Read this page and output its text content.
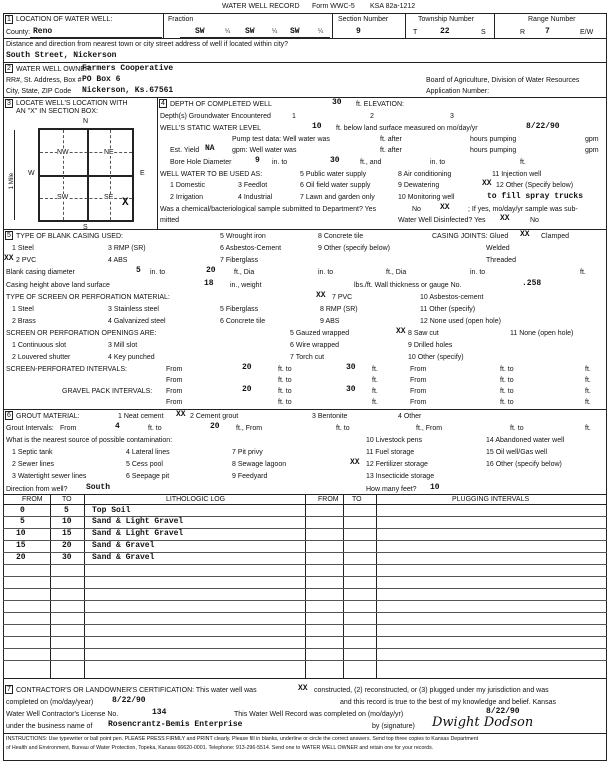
WATER WELL RECORD Form WWC-5 KSA 82a-1212
1 LOCATION OF WATER WELL:
County: Reno
Fraction
SW	¼ SW	¼ SW	¼
Section Number
9
Township Number
T	22	S
Range Number
R 7	E/W
Distance and direction from nearest town or city street address of well if located within city?
South Street, Nickerson
2 WATER WELL OWNER:
Farmers Cooperative
RR#, St. Address, Box # PO Box 6	Board of Agriculture, Division of Water Resources
City, State, ZIP Code Nickerson, Ks.67561	Application Number:
3 LOCATE WELL'S LOCATION WITH
AN "X" IN SECTION BOX:
N
S
W	E
1 Mile
NW	NE
SW	SE X
4 DEPTH OF COMPLETED WELL	30 ft. ELEVATION:
Depth(s) Groundwater Encountered	1	2	3
WELL'S STATIC WATER LEVEL	10 ft. below land surface measured on mo/day/yr	8/22/90
Pump test data: Well water was	ft. after	hours pumping	gpm
Est. Yield NA gpm: Well water was	ft. after	hours pumping	gpm
Bore Hole Diameter	9 in. to	30	ft., and	in. to	ft.
WELL WATER TO BE USED AS:
1 Domestic	3 Feedlot
5 Public water supply	8 Air conditioning	11 Injection well
2 Irrigation	4 Industrial
6 Oil field water supply	9 Dewatering	XX 12 Other (Specify below)
7 Lawn and garden only	10 Monitoring well	to fill spray trucks
Was a chemical/bacteriological sample submitted to Department? Yes	No XX	; If yes, mo/day/yr sample was sub-
mitted	Water Well Disinfected? Yes XX	No
5 TYPE OF BLANK CASING USED:
1 Steel	3 RMP (SR)
5 Wrought iron	8 Concrete tile
XX 2 PVC	4 ABS
6 Asbestos-Cement	9 Other (specify below)
7 Fiberglass
CASING JOINTS: Glued XX Clamped
Welded
Threaded
Blank casing diameter	5 in. to	20	ft., Dia	in. to	ft., Dia	in. to	ft.
Casing height above land surface	18 in., weight	lbs./ft. Wall thickness or gauge No.	.258
TYPE OF SCREEN OR PERFORATION MATERIAL:
1 Steel	3 Stainless steel	5 Fiberglass
XX 7 PVC	10 Asbestos-cement
2 Brass	4 Galvanized steel	6 Concrete tile
8 RMP (SR)
9 ABS
11 Other (specify)
12 None used (open hole)
SCREEN OR PERFORATION OPENINGS ARE:
1 Continuous slot	3 Mill slot
5 Gauzed wrapped	XX 8 Saw cut	11 None (open hole)
2 Louvered shutter	4 Key punched
6 Wire wrapped	9 Drilled holes
7 Torch cut	10 Other (specify)
SCREEN-PERFORATED INTERVALS:	From	20	ft. to	30 ft.	From	ft. to	ft.
From	ft. to	ft.	From	ft. to	ft.
GRAVEL PACK INTERVALS: From	20	ft. to	30 ft.	From	ft. to	ft.
From	ft. to	ft.	From	ft. to	ft.
6 GROUT MATERIAL:	1 Neat cement XX 2 Cement grout	3 Bentonite	4 Other
Grout Intervals: From	4	ft. to	20 ft., From	ft. to	ft., From	ft. to	ft.
What is the nearest source of possible contamination:	10 Livestock pens	14 Abandoned water well
1 Septic tank	4 Lateral lines	7 Pit privy	11 Fuel storage	15 Oil well/Gas well
2 Sewer lines	5 Cess pool	8 Sewage lagoon	XX 12 Fertilizer storage	16 Other (specify below)
3 Watertight sewer lines	6 Seepage pit	9 Feedyard	13 Insecticide storage
Direction from well? South	How many feet? 10
FROM	TO	LITHOLOGIC LOG	FROM TO	PLUGGING INTERVALS
0	5	Top Soil
5	10	Sand & Light Gravel
10	15	Sand & Light Gravel
15	20	Sand & Gravel
20	30	Sand & Gravel
7 CONTRACTOR'S OR LANDOWNER'S CERTIFICATION: This water well was	XX constructed, (2) reconstructed, or (3) plugged under my jurisdiction and was
completed on (mo/day/year) 8/22/90	and this record is true to the best of my knowledge and belief. Kansas
Water Well Contractor's License No.	134	This Water Well Record was completed on (mo/day/yr)	8/22/90
under the business name of Rosencrantz-Bemis Enterprise	by (signature) Dwight Dodson
INSTRUCTIONS: Use typewriter or ball point pen. PLEASE PRESS FIRMLY and PRINT clearly. Please fill in blanks, underline or circle the correct answers. Send top three copies to Kansas Department
of Health and Environment, Bureau of Water Protection, Topeka, Kansas 66620-0001. Telephone: 913-296-5514. Send one to WATER WELL OWNER and retain one for your records.
